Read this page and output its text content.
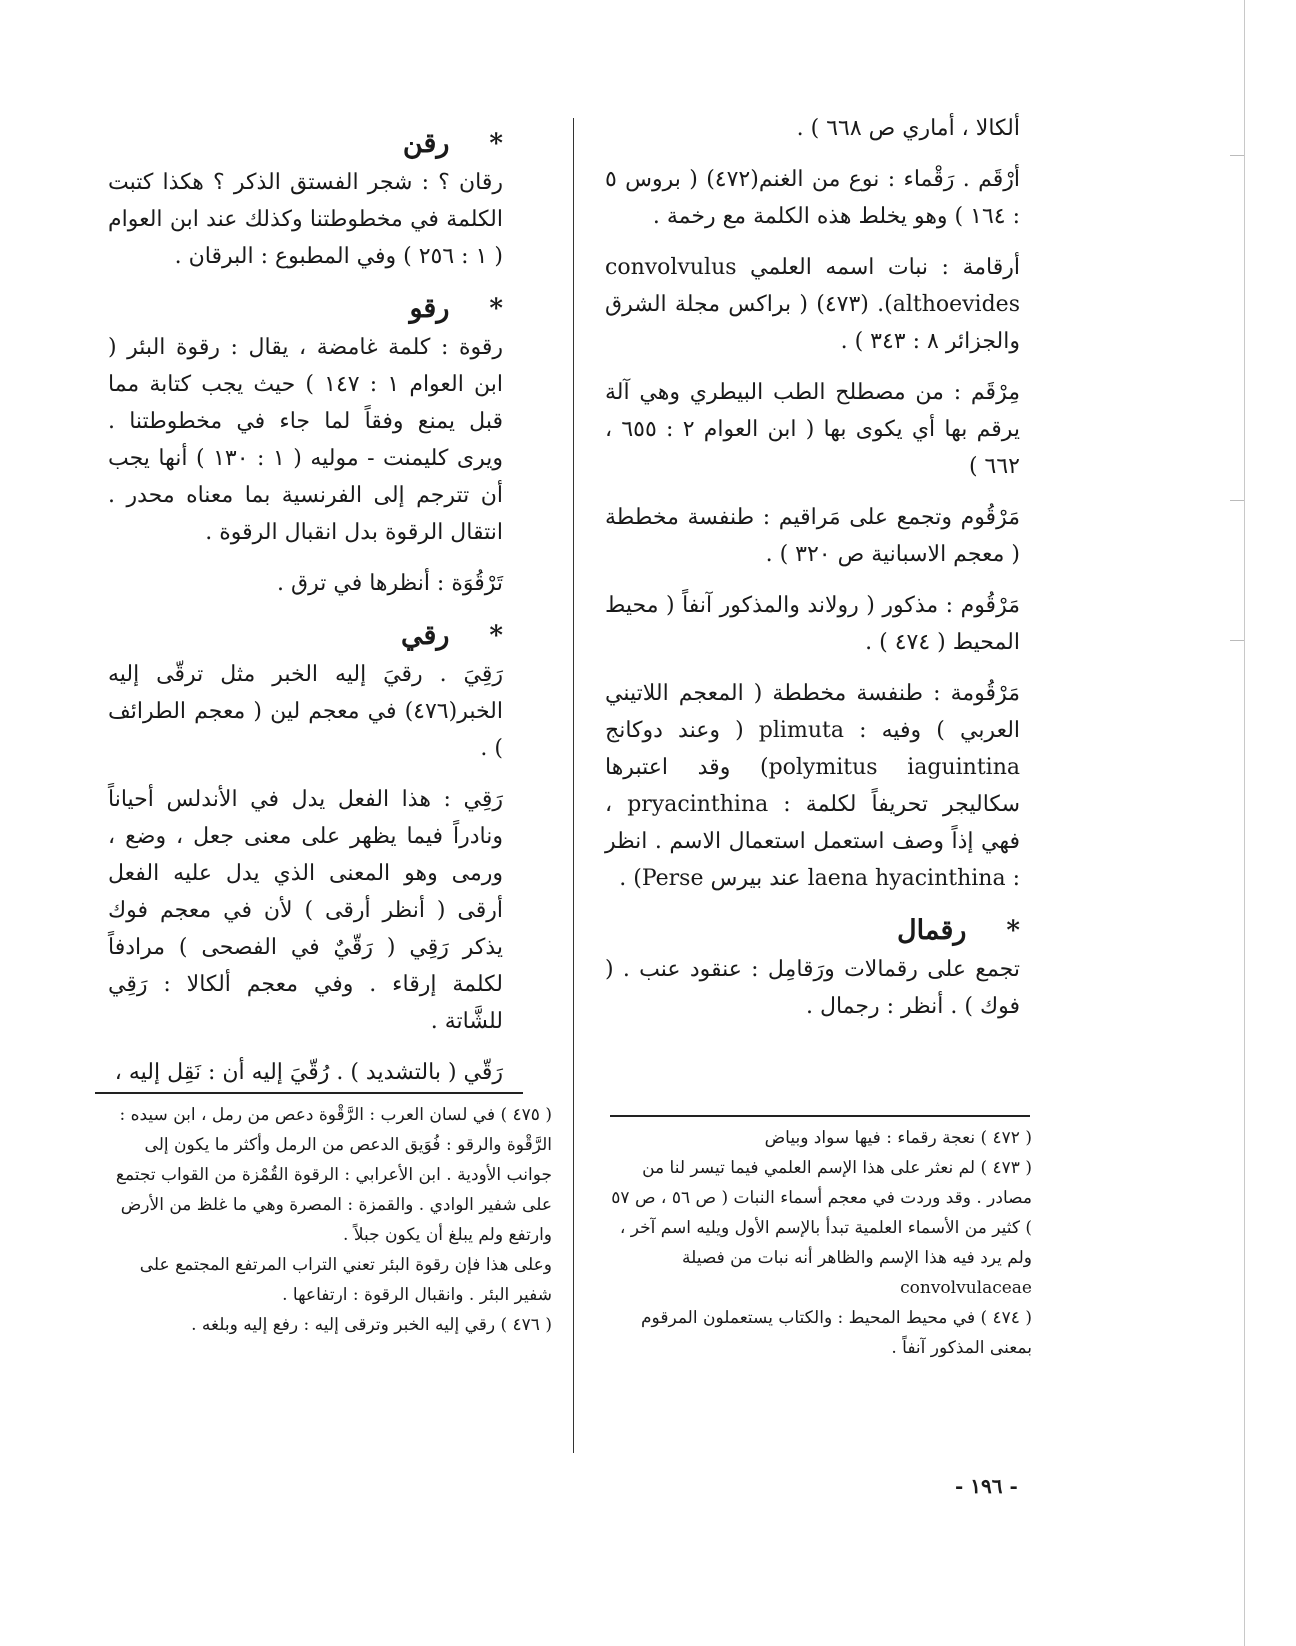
ألكالا ، أماري ص ٦٦٨ ) .

أرْقَم . رَقْماء : نوع من الغنم(٤٧٢) ( بروس ٥ : ١٦٤ ) وهو يخلط هذه الكلمة مع رخمة .

أرقامة : نبات اسمه العلمي convolvulus althoevides). (٤٧٣) ( براكس مجلة الشرق والجزائر ٨ : ٣٤٣ ) .

مِرْقَم : من مصطلح الطب البيطري وهي آلة يرقم بها أي يكوى بها ( ابن العوام ٢ : ٦٥٥ ، ٦٦٢ )

مَرْقُوم وتجمع على مَراقيم : طنفسة مخططة ( معجم الاسبانية ص ٣٢٠ ) .

مَرْقُوم : مذكور ( رولاند والمذكور آنفاً ( محيط المحيط ( ٤٧٤ ) .

مَرْقُومة : طنفسة مخططة ( المعجم اللاتيني العربي ) وفيه : plimuta ( وعند دوكانج polymitus iaguintina) وقد اعتبرها سكاليجر تحريفاً لكلمة : pryacinthina ، فهي إذاً وصف استعمل استعمال الاسم . انظر : laena hyacinthina عند بيرس Perse) .

*رقمال

تجمع على رقمالات ورَقامِل : عنقود عنب . ( فوك ) . أنظر : رجمال .

*رقن

رقان ؟ : شجر الفستق الذكر ؟ هكذا كتبت الكلمة في مخطوطتنا وكذلك عند ابن العوام ( ١ : ٢٥٦ ) وفي المطبوع : البرقان .

*رقو

رقوة : كلمة غامضة ، يقال : رقوة البئر ( ابن العوام ١ : ١٤٧ ) حيث يجب كتابة مما قبل يمنع وفقاً لما جاء في مخطوطتنا . ويرى كليمنت - موليه ( ١ : ١٣٠ ) أنها يجب أن تترجم إلى الفرنسية بما معناه محدر . انتقال الرقوة بدل انقبال الرقوة .

تَرْقُوَة : أنظرها في ترق .

*رقي

رَقِيَ . رقيَ إليه الخبر مثل ترقّى إليه الخبر(٤٧٦) في معجم لين ( معجم الطرائف ) .

رَقِي : هذا الفعل يدل في الأندلس أحياناً ونادراً فيما يظهر على معنى جعل ، وضع ، ورمى وهو المعنى الذي يدل عليه الفعل أرقى ( أنظر أرقى ) لأن في معجم فوك يذكر رَقِي ( رَقّيٌ في الفصحى ) مرادفاً لكلمة إرقاء . وفي معجم ألكالا : رَقِي للشَّاتة .

رَقّي ( بالتشديد ) . رُقّيَ إليه أن : نَقِل إليه ،

( ٤٧٥ ) في لسان العرب : الرَّقْوة دعص من رمل ، ابن سيده : الرَّقْوة والرقو : فُوَيق الدعص من الرمل وأكثر ما يكون إلى جوانب الأودية . ابن الأعرابي : الرقوة القُمْزة من القواب تجتمع على شفير الوادي . والقمزة : المصرة وهي ما غلظ من الأرض وارتفع ولم يبلغ أن يكون جبلاً .

وعلى هذا فإن رقوة البئر تعني التراب المرتفع المجتمع على شفير البئر . وانقبال الرقوة : ارتفاعها .

( ٤٧٦ ) رقي إليه الخبر وترقى إليه : رفع إليه وبلغه .

( ٤٧٢ ) نعجة رقماء : فيها سواد وبياض

( ٤٧٣ ) لم نعثر على هذا الإسم العلمي فيما تيسر لنا من مصادر . وقد وردت في معجم أسماء النبات ( ص ٥٦ ، ص ٥٧ ) كثير من الأسماء العلمية تبدأ بالإسم الأول ويليه اسم آخر ، ولم يرد فيه هذا الإسم والظاهر أنه نبات من فصيلة convolvulaceae

( ٤٧٤ ) في محيط المحيط : والكتاب يستعملون المرقوم بمعنى المذكور آنفاً .

- ١٩٦ -
